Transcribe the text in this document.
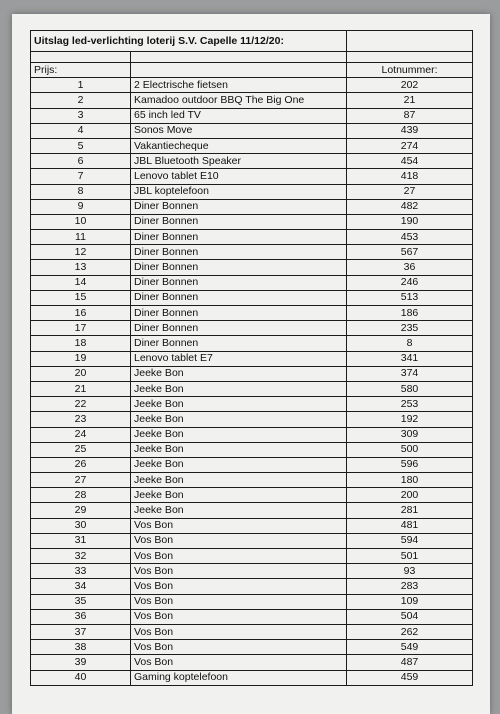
Uitslag led-verlichting loterij S.V. Capelle 11/12/20:		

Prijs:		Lotnummer:
1	2 Electrische fietsen	202
2	Kamadoo outdoor BBQ The Big One	21
3	65 inch led TV	87
4	Sonos Move	439
5	Vakantiecheque	274
6	JBL Bluetooth Speaker	454
7	Lenovo tablet E10	418
8	JBL koptelefoon	27
9	Diner Bonnen	482
10	Diner Bonnen	190
11	Diner Bonnen	453
12	Diner Bonnen	567
13	Diner Bonnen	36
14	Diner Bonnen	246
15	Diner Bonnen	513
16	Diner Bonnen	186
17	Diner Bonnen	235
18	Diner Bonnen	8
19	Lenovo tablet E7	341
20	Jeeke Bon	374
21	Jeeke Bon	580
22	Jeeke Bon	253
23	Jeeke Bon	192
24	Jeeke Bon	309
25	Jeeke Bon	500
26	Jeeke Bon	596
27	Jeeke Bon	180
28	Jeeke Bon	200
29	Jeeke Bon	281
30	Vos Bon	481
31	Vos Bon	594
32	Vos Bon	501
33	Vos Bon	93
34	Vos Bon	283
35	Vos Bon	109
36	Vos Bon	504
37	Vos Bon	262
38	Vos Bon	549
39	Vos Bon	487
40	Gaming koptelefoon	459
